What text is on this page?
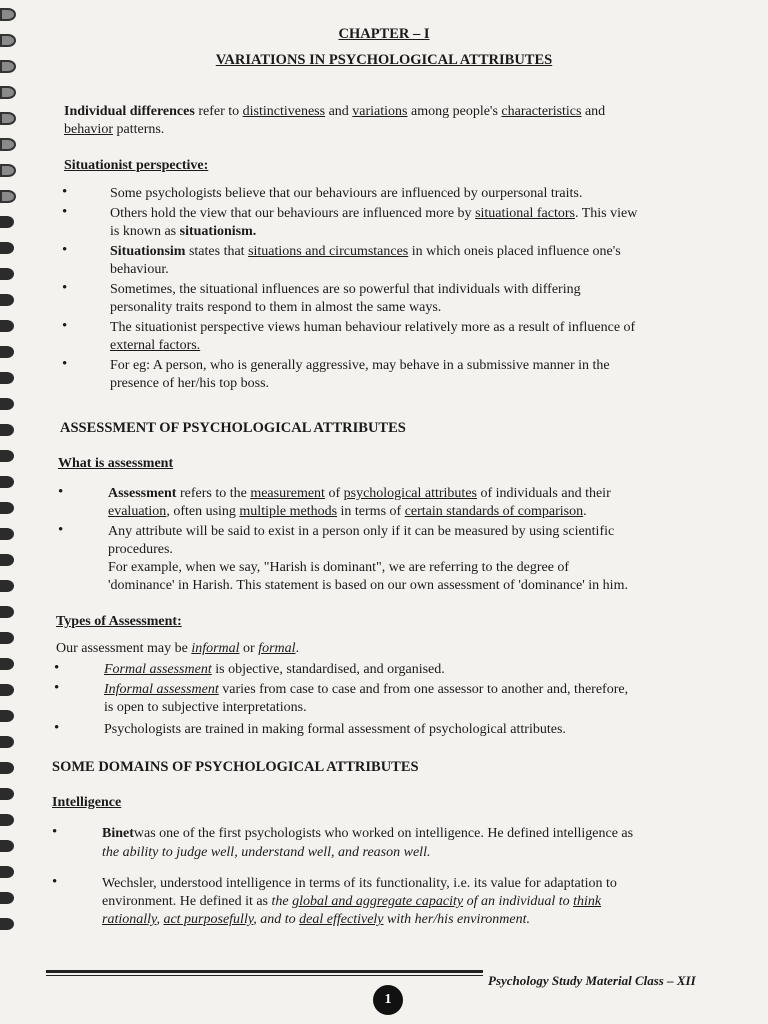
CHAPTER – I
VARIATIONS IN PSYCHOLOGICAL ATTRIBUTES
Individual differences refer to distinctiveness and variations among people's characteristics and
behavior patterns.
Situationist perspective:
•	Some psychologists believe that our behaviours are influenced by ourpersonal traits.
•	Others hold the view that our behaviours are influenced more by situational factors. This view
is known as situationism.
•	Situationsim states that situations and circumstances in which oneis placed influence one's
behaviour.
•	Sometimes, the situational influences are so powerful that individuals with differing
personality traits respond to them in almost the same ways.
•	The situationist perspective views human behaviour relatively more as a result of influence of
external factors.
•	For eg: A person, who is generally aggressive, may behave in a submissive manner in the
presence of her/his top boss.
ASSESSMENT OF PSYCHOLOGICAL ATTRIBUTES
What is assessment
•	Assessment refers to the measurement of psychological attributes of individuals and their
evaluation, often using multiple methods in terms of certain standards of comparison.
•	Any attribute will be said to exist in a person only if it can be measured by using scientific
procedures.
For example, when we say, "Harish is dominant", we are referring to the degree of
'dominance' in Harish. This statement is based on our own assessment of 'dominance' in him.
Types of Assessment:
Our assessment may be informal or formal.
•	Formal assessment is objective, standardised, and organised.
•	Informal assessment varies from case to case and from one assessor to another and, therefore,
is open to subjective interpretations.
•	Psychologists are trained in making formal assessment of psychological attributes.
SOME DOMAINS OF PSYCHOLOGICAL ATTRIBUTES
Intelligence
•	Binetwas one of the first psychologists who worked on intelligence. He defined intelligence as
the ability to judge well, understand well, and reason well.
•	Wechsler, understood intelligence in terms of its functionality, i.e. its value for adaptation to
environment. He defined it as the global and aggregate capacity of an individual to think
rationally, act purposefully, and to deal effectively with her/his environment.
Psychology Study Material Class – XII
1
